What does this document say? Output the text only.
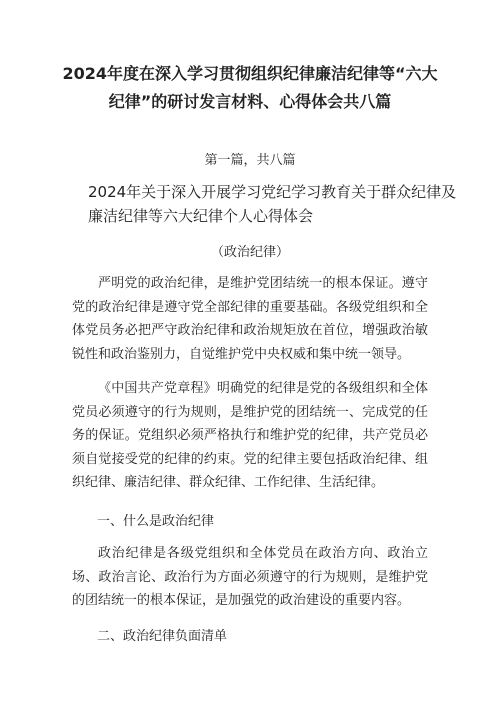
2024年度在深入学习贯彻组织纪律廉洁纪律等“六大纪律”的研讨发言材料、心得体会共八篇
第一篇，共八篇
2024年关于深入开展学习党纪学习教育关于群众纪律及廉洁纪律等六大纪律个人心得体会
（政治纪律）

严明党的政治纪律，是维护党团结统一的根本保证。遵守党的政治纪律是遵守党全部纪律的重要基础。各级党组织和全体党员务必把严守政治纪律和政治规矩放在首位，增强政治敏锐性和政治鉴别力，自觉维护党中央权威和集中统一领导。

《中国共产党章程》明确党的纪律是党的各级组织和全体党员必须遵守的行为规则，是维护党的团结统一、完成党的任务的保证。党组织必须严格执行和维护党的纪律，共产党员必须自觉接受党的纪律的约束。党的纪律主要包括政治纪律、组织纪律、廉洁纪律、群众纪律、工作纪律、生活纪律。

一、什么是政治纪律

政治纪律是各级党组织和全体党员在政治方向、政治立场、政治言论、政治行为方面必须遵守的行为规则，是维护党的团结统一的根本保证，是加强党的政治建设的重要内容。

二、政治纪律负面清单
